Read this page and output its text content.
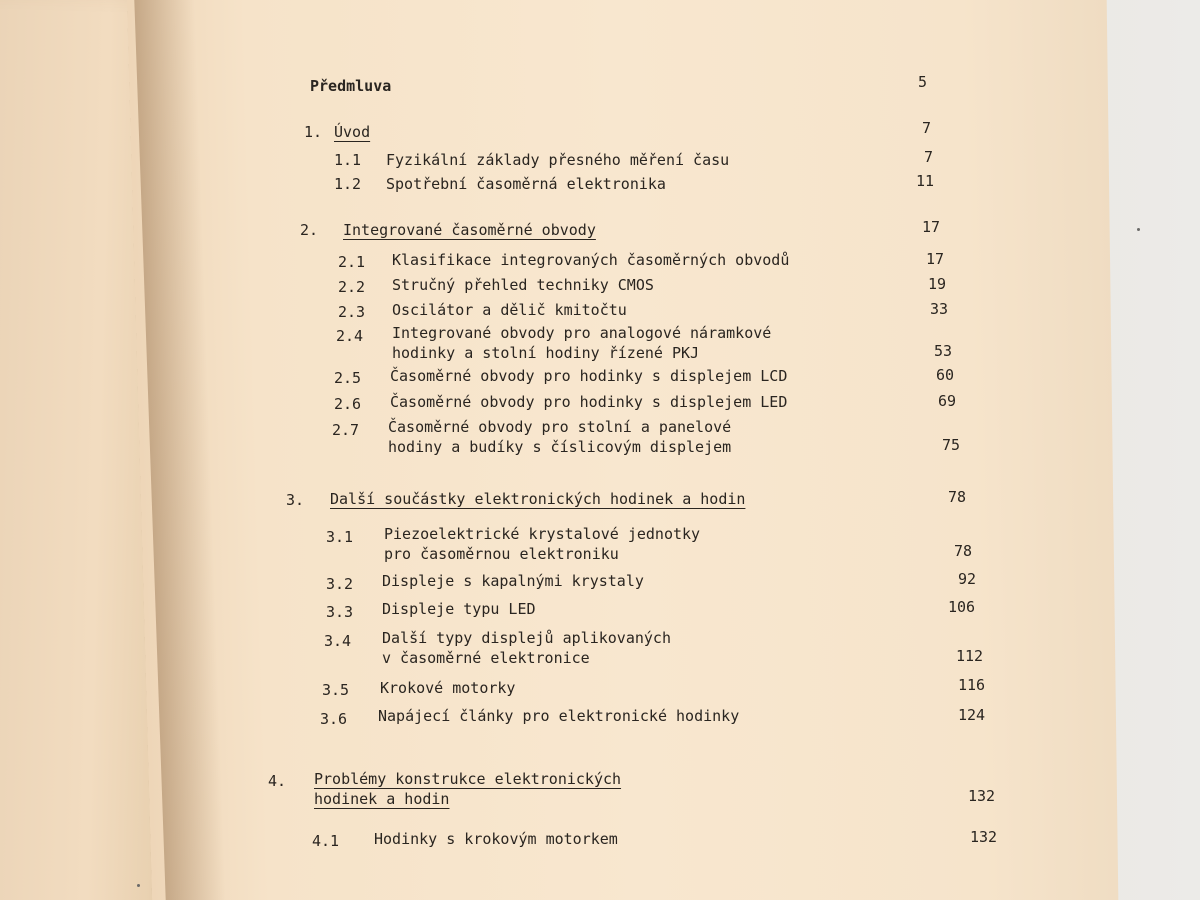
Předmluva	5
1. Úvod	7
1.1 Fyzikální základy přesného měření času	7
1.2 Spotřební časoměrná elektronika	11
2. Integrované časoměrné obvody	17
2.1 Klasifikace integrovaných časoměrných obvodů	17
2.2 Stručný přehled techniky CMOS	19
2.3 Oscilátor a dělič kmitočtu	33
2.4 Integrované obvody pro analogové náramkové
hodinky a stolní hodiny řízené PKJ	53
2.5 Časoměrné obvody pro hodinky s displejem LCD	60
2.6 Časoměrné obvody pro hodinky s displejem LED	69
2.7 Časoměrné obvody pro stolní a panelové
hodiny a budíky s číslicovým displejem	75
3. Další součástky elektronických hodinek a hodin	78
3.1 Piezoelektrické krystalové jednotky
pro časoměrnou elektroniku	78
3.2 Displeje s kapalnými krystaly	92
3.3 Displeje typu LED	106
3.4 Další typy displejů aplikovaných
v časoměrné elektronice	112
3.5 Krokové motorky	116
3.6 Napájecí články pro elektronické hodinky	124
4. Problémy konstrukce elektronických
hodinek a hodin	132
4.1 Hodinky s krokovým motorkem	132
